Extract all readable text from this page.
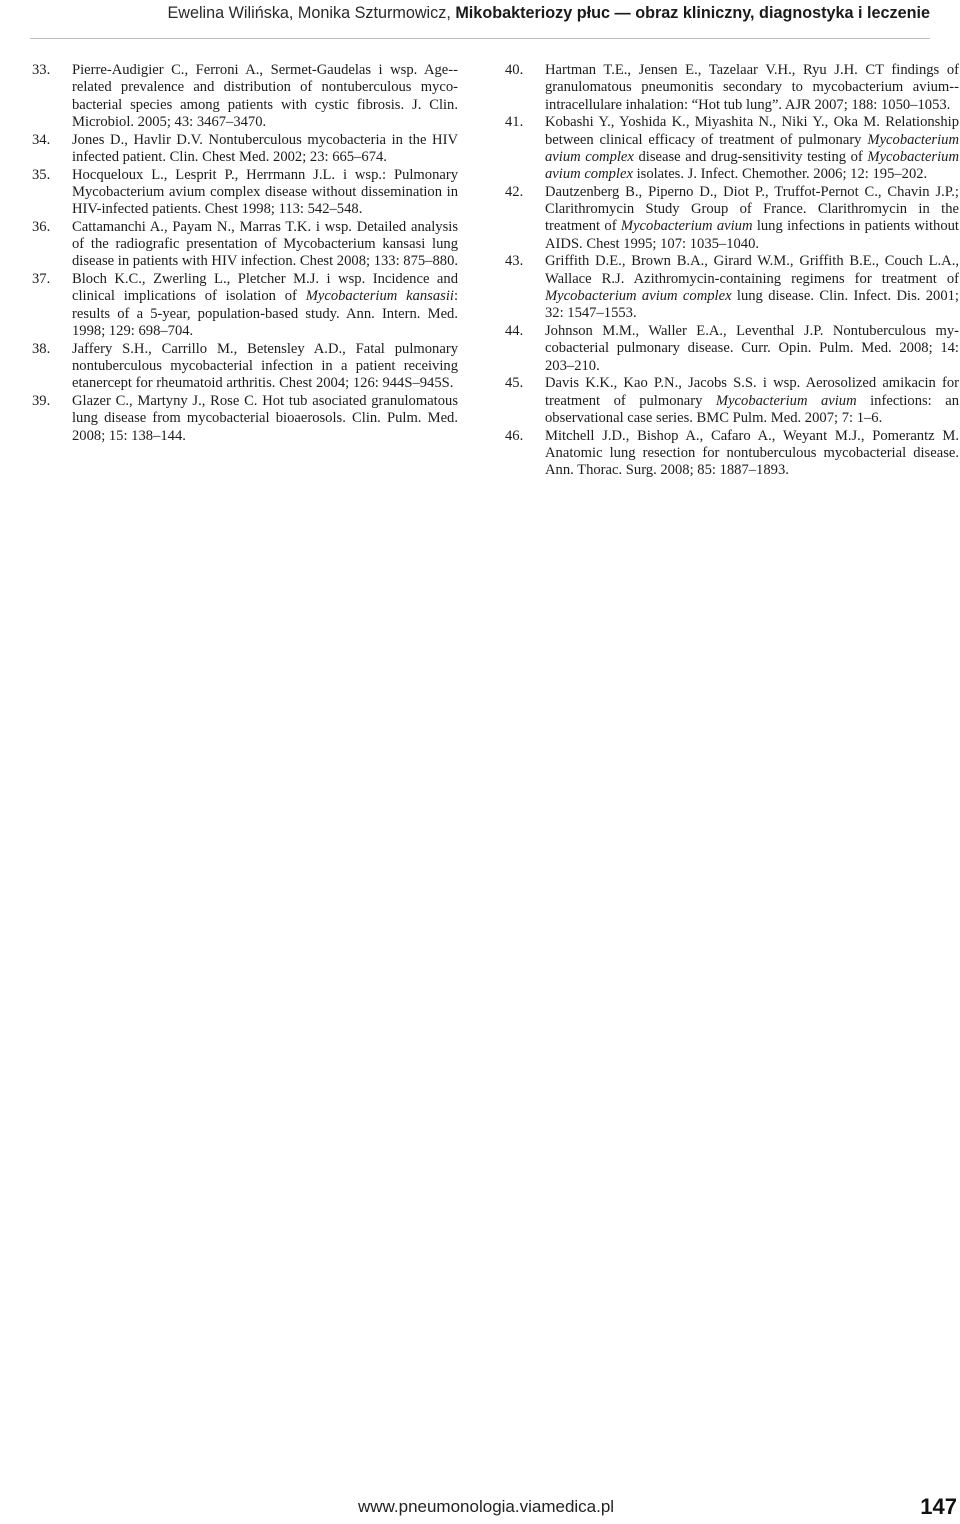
Ewelina Wilińska, Monika Szturmowicz, Mikobakteriozy płuc — obraz kliniczny, diagnostyka i leczenie
33.	Pierre-Audigier C., Ferroni A., Sermet-Gaudelas i wsp. Age--related prevalence and distribution of nontuberculous mycobacterial species among patients with cystic fibrosis. J. Clin. Microbiol. 2005; 43: 3467–3470.
34.	Jones D., Havlir D.V. Nontuberculous mycobacteria in the HIV infected patient. Clin. Chest Med. 2002; 23: 665–674.
35.	Hocqueloux L., Lesprit P., Herrmann J.L. i wsp.: Pulmonary Mycobacterium avium complex disease without dissemination in HIV-infected patients. Chest 1998; 113: 542–548.
36.	Cattamanchi A., Payam N., Marras T.K. i wsp. Detailed analysis of the radiografic presentation of Mycobacterium kansasi lung disease in patients with HIV infection. Chest 2008; 133: 875–880.
37.	Bloch K.C., Zwerling L., Pletcher M.J. i wsp. Incidence and clinical implications of isolation of Mycobacterium kansasii: results of a 5-year, population-based study. Ann. Intern. Med. 1998; 129: 698–704.
38.	Jaffery S.H., Carrillo M., Betensley A.D., Fatal pulmonary nontuberculous mycobacterial infection in a patient receiving etanercept for rheumatoid arthritis. Chest 2004; 126: 944S–945S.
39.	Glazer C., Martyny J., Rose C. Hot tub asociated granulomatous lung disease from mycobacterial bioaerosols. Clin. Pulm. Med. 2008; 15: 138–144.
40.	Hartman T.E., Jensen E., Tazelaar V.H., Ryu J.H. CT findings of granulomatous pneumonitis secondary to mycobacterium avium--intracellulare inhalation: “Hot tub lung”. AJR 2007; 188: 1050–1053.
41.	Kobashi Y., Yoshida K., Miyashita N., Niki Y., Oka M. Relationship between clinical efficacy of treatment of pulmonary Mycobacterium avium complex disease and drug-sensitivity testing of Mycobacterium avium complex isolates. J. Infect. Chemother. 2006; 12: 195–202.
42.	Dautzenberg B., Piperno D., Diot P., Truffot-Pernot C., Chavin J.P.; Clarithromycin Study Group of France. Clarithromycin in the treatment of Mycobacterium avium lung infections in patients without AIDS. Chest 1995; 107: 1035–1040.
43.	Griffith D.E., Brown B.A., Girard W.M., Griffith B.E., Couch L.A., Wallace R.J. Azithromycin-containing regimens for treatment of Mycobacterium avium complex lung disease. Clin. Infect. Dis. 2001; 32: 1547–1553.
44.	Johnson M.M., Waller E.A., Leventhal J.P. Nontuberculous mycobacterial pulmonary disease. Curr. Opin. Pulm. Med. 2008; 14: 203–210.
45.	Davis K.K., Kao P.N., Jacobs S.S. i wsp. Aerosolized amikacin for treatment of pulmonary Mycobacterium avium infections: an observational case series. BMC Pulm. Med. 2007; 7: 1–6.
46.	Mitchell J.D., Bishop A., Cafaro A., Weyant M.J., Pomerantz M. Anatomic lung resection for nontuberculous mycobacterial disease. Ann. Thorac. Surg. 2008; 85: 1887–1893.
www.pneumonologia.viamedica.pl	147
